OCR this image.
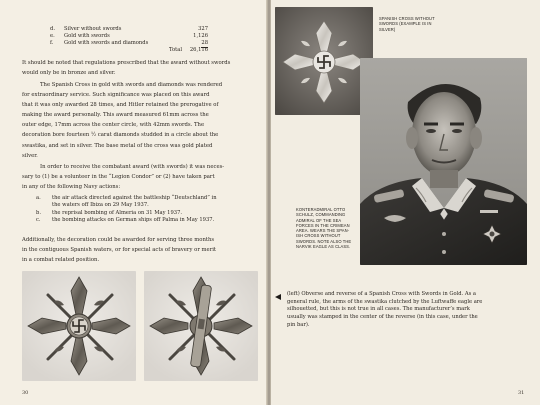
d. Silver without swords	327
e. Gold with swords	1,126
f. Gold with swords and diamonds	28
Total 26,116
It should be noted that regulations prescribed that the award without swords
would only be in bronze and silver.
The Spanish Cross in gold with swords and diamonds was rendered
for extraordinary service. Such significance was placed on this award
that it was only awarded 28 times, and Hitler retained the prerogative of
making the award personally. This award measured 61mm across the
outer edge, 17mm across the center circle, with 42mm swords. The
decoration bore fourteen ½ carat diamonds studded in a circle about the
swastika, and set in silver. The base metal of the cross was gold plated
silver.
In order to receive the combatant award (with swords) it was neces-
sary to (1) be a volunteer in the “Legion Condor” or (2) have taken part
in any of the following Navy actions:
a. the air attack directed against the battleship “Deutschland” in
the waters off Ibiza on 29 May 1937.
b. the reprisal bombing of Almeria on 31 May 1937.
c. the bombing attacks on German ships off Palma in May 1937.
Additionally, the decoration could be awarded for serving three months
in the contiguous Spanish waters, or for special acts of bravery or merit
in a combat related position.
30
SPANISH CROSS WITHOUT
SWORDS (EXAMPLE IS IN
SILVER)
KONTERADMIRAL OTTO
SCHULZ, COMMANDING
ADMIRAL OF THE SEA
FORCES IN THE CRIMEAN
AREA. WEARS THE SPAN-
ISH CROSS WITHOUT
SWORDS. NOTE ALSO THE
NARVIK EAGLE AS CLASS.
(left) Obverse and reverse of a Spanish Cross with Swords in Gold. As a
general rule, the arms of the swastika clutched by the Luftwaffe eagle are
silhouetted, but this is not true in all cases. The manufacturer’s mark
usually was stamped in the center of the reverse (in this case, under the
pin bar).
31
